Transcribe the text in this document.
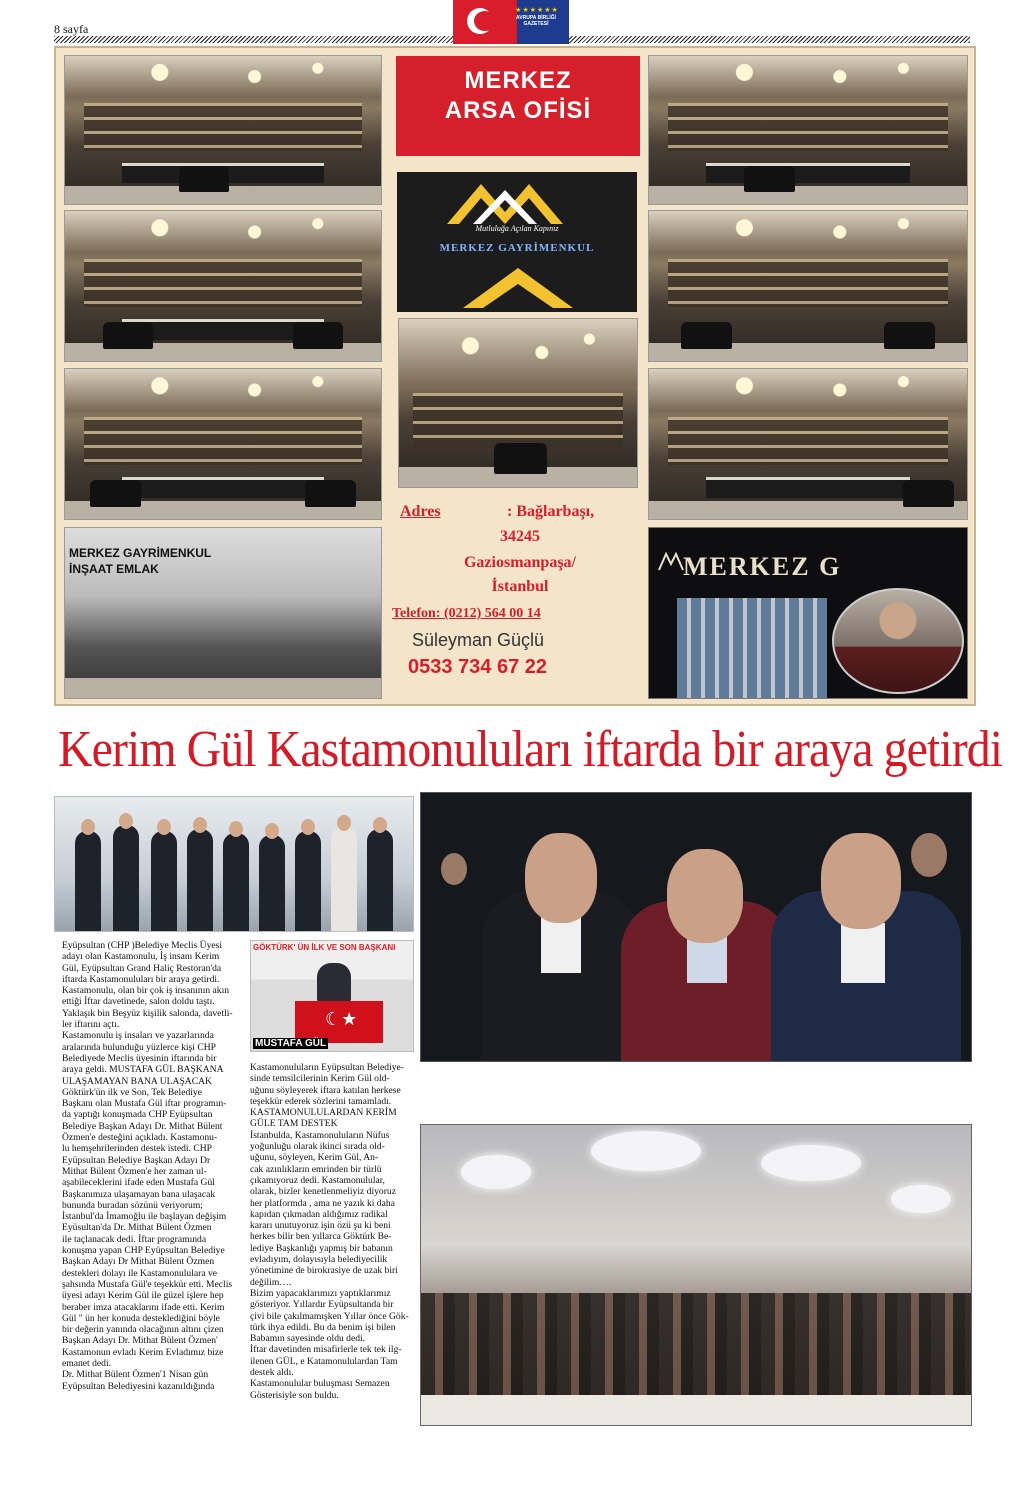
8 sayfa
★★★★★★
AVRUPA BİRLİĞİ GAZETESİ
MERKEZ GAYRİMENKUL
İNŞAAT EMLAK
MERKEZ
ARSA OFİSİ
Mutluluğa Açılan Kapınız
MERKEZ GAYRİMENKUL
Adres	: Bağlarbaşı,
34245
Gaziosmanpaşa/
İstanbul
Telefon: (0212) 564 00 14
Süleyman Güçlü
0533 734 67 22
MERKEZ G
Kerim Gül Kastamonuluları iftarda bir araya getirdi
☾★
GÖKTÜRK' ÜN İLK VE SON BAŞKANI
MUSTAFA GÜL

Eyüpsultan (CHP )Belediye Meclis Üyesi

adayı olan Kastamonulu, İş insanı Kerim

Gül, Eyüpsultan Grand Haliç Restoran'da

iftarda Kastamonuluları bir araya getirdi.

Kastamonulu, olan bir çok iş insanının akın

ettiği İftar davetinede, salon doldu taştı.

Yaklaşık bin Beşyüz kişilik salonda, davetli-

ler iftarını açtı.

Kastamonulu iş insaları ve yazarlarında

aralarında bulunduğu yüzlerce kişi CHP

Belediyede Meclis üyesinin iftarında bir

araya geldi. MUSTAFA GÜL BAŞKANA

ULAŞAMAYAN BANA ULAŞACAK

Göktürk'ün ilk ve Son, Tek Belediye

Başkanı olan Mustafa Gül iftar programın-

da yaptığı konuşmada CHP Eyüpsultan

Belediye Başkan Adayı Dr. Mithat Bülent

Özmen'e desteğini açıkladı. Kastamonu-

lu hemşehrilerinden destek istedi. CHP

Eyüpsultan Belediye Başkan Adayı Dr

Mithat Bülent Özmen'e her zaman ul-

aşabileceklerini ifade eden Mustafa Gül

Başkanımıza ulaşamayan bana ulaşacak

bununda buradan sözünü veriyorum;

İstanbul'da İmamoğlu ile başlayan değişim

Eyüsultan'da Dr. Mithat Bülent Özmen

ile taçlanacak dedi. İftar programında

konuşma yapan CHP Eyüpsultan Belediye

Başkan Adayı Dr Mithat Bülent Özmen

destekleri dolayı ile Kastamonululara ve

şahsında Mustafa Gül'e teşekkür etti. Meclis

üyesi adayı Kerim Gül ile güzel işlere hep

beraber imza atacaklarını ifade etti. Kerim

Gül " ün her konuda desteklediğini böyle

bir değerin yanında olacağının altını çizen

Başkan Adayı Dr. Mithat Bülent Özmen'

Kastamonun evladı Kerim Evladımız bize

emanet dedi.

Dr. Mithat Bülent Özmen'1 Nisan gün

Eyüpsultan Belediyesini kazanıldığında

Kastamonuluların Eyüpsultan Belediye-

sinde temsilcilerinin Kerim Gül old-

uğunu söyleyerek iftara katılan herkese

teşekkür ederek sözlerini tamamladı.

KASTAMONULULARDAN KERİM

GÜLE TAM DESTEK

İstanbulda, Kastamonuluların Nüfus

yoğunluğu olarak ikinci sırada old-

uğunu, söyleyen, Kerim Gül, An-

cak azınlıkların emrinden bir türlü

çıkamıyoruz dedi. Kastamonulular,

olarak, bizler kenetlenmeliyiz diyoruz

her platformda , ama ne yazık ki daha

kapıdan çıkmadan aldığımız radikal

kararı unutuyoruz işin özü şu ki beni

herkes bilir ben yıllarca Göktürk Be-

lediye Başkanlığı yapmış bir babanın

evladıyım, dolayısıyla belediyecilik

yönetimine de birokrasiye de uzak biri

değilim….

Bizim yapacaklarımızı yaptıklarımız

gösteriyor. Yıllardır Eyüpsultanda bir

çivi bile çakılmamışken Yıllar önce Gök-

türk ihya edildi. Bu da benim işi bilen

Babamın sayesinde oldu dedi.

İftar davetinden misafirlerle tek tek ilg-

ilenen GÜL, e Katamonululardan Tam

destek aldı.

Kastamonulular buluşması Semazen

Gösterisiyle son buldu.
